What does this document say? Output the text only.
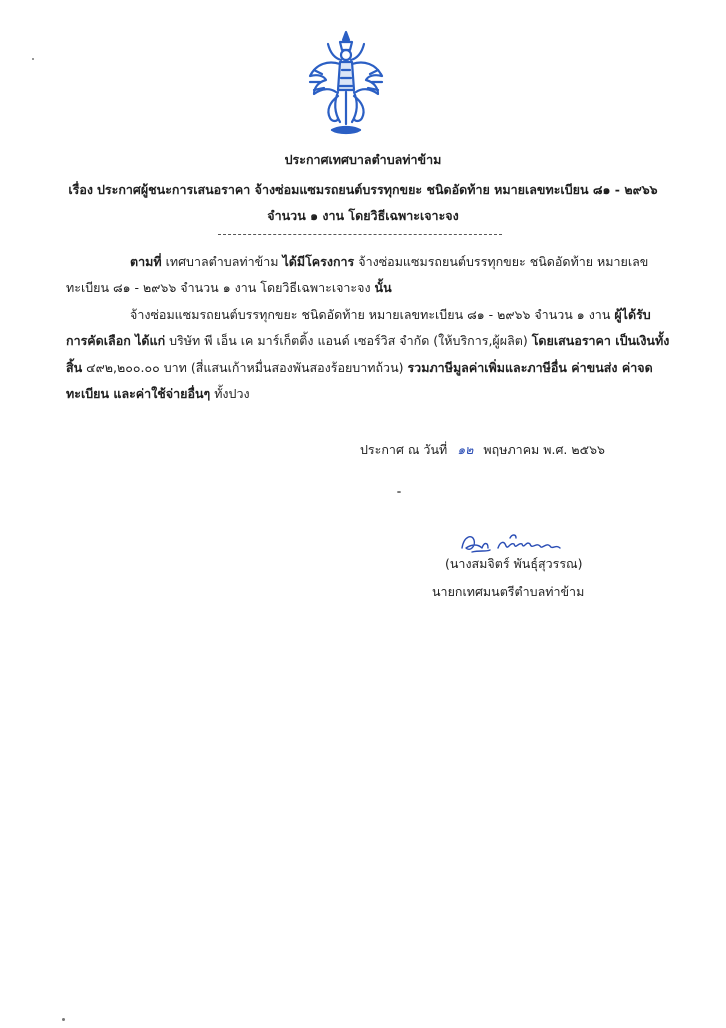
ประกาศเทศบาลตำบลท่าข้าม
เรื่อง ประกาศผู้ชนะการเสนอราคา จ้างซ่อมแซมรถยนต์บรรทุกขยะ ชนิดอัดท้าย หมายเลขทะเบียน ๘๑ - ๒๙๖๖
จำนวน ๑ งาน โดยวิธีเฉพาะเจาะจง
ตามที่ เทศบาลตำบลท่าข้าม ได้มีโครงการ จ้างซ่อมแซมรถยนต์บรรทุกขยะ ชนิดอัดท้าย หมายเลข
ทะเบียน ๘๑ - ๒๙๖๖ จำนวน ๑ งาน โดยวิธีเฉพาะเจาะจง นั้น
จ้างซ่อมแซมรถยนต์บรรทุกขยะ ชนิดอัดท้าย หมายเลขทะเบียน ๘๑ - ๒๙๖๖ จำนวน ๑ งาน ผู้ได้รับ
การคัดเลือก ได้แก่ บริษัท พี เอ็น เค มาร์เก็ตติ้ง แอนด์ เซอร์วิส จำกัด (ให้บริการ,ผู้ผลิต) โดยเสนอราคา เป็นเงินทั้ง
สิ้น ๔๙๒,๒๐๐.๐๐ บาท (สี่แสนเก้าหมื่นสองพันสองร้อยบาทถ้วน) รวมภาษีมูลค่าเพิ่มและภาษีอื่น ค่าขนส่ง ค่าจด
ทะเบียน และค่าใช้จ่ายอื่นๆ ทั้งปวง
ประกาศ ณ วันที่ ๑๒ พฤษภาคม พ.ศ. ๒๕๖๖
(นางสมจิตร์ พันธุ์สุวรรณ)
นายกเทศมนตรีตำบลท่าข้าม
